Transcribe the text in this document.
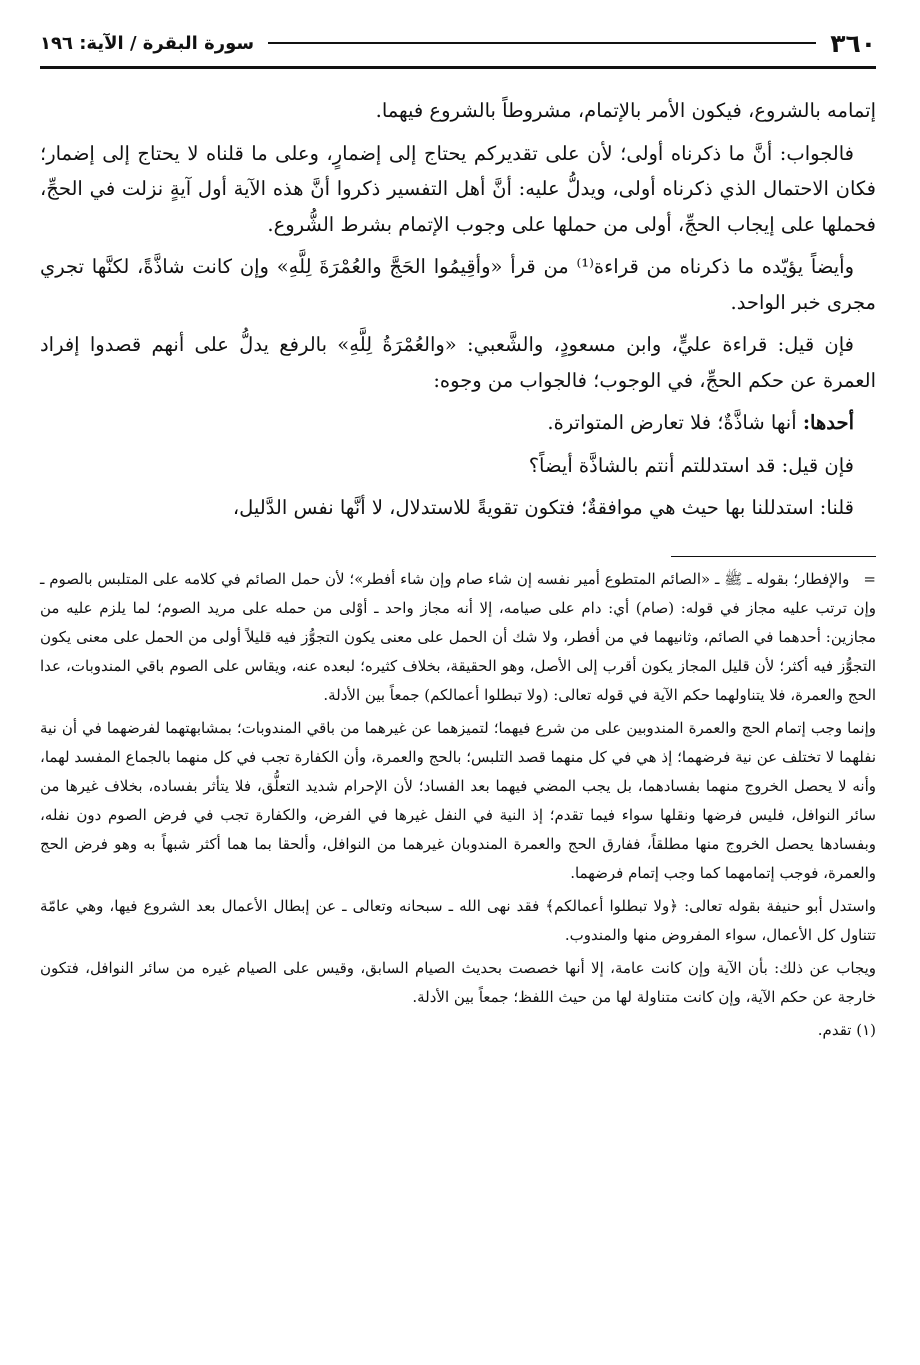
٣٦٠
سورة البقرة / الآية: ١٩٦

إتمامه بالشروع، فيكون الأمر بالإتمام، مشروطاً بالشروع فيهما.

فالجواب: أنَّ ما ذكرناه أولى؛ لأن على تقديركم يحتاج إلى إضمارٍ، وعلى ما قلناه لا يحتاج إلى إضمار؛ فكان الاحتمال الذي ذكرناه أولى، ويدلُّ عليه: أنَّ أهل التفسير ذكروا أنَّ هذه الآية أول آيةٍ نزلت في الحجِّ، فحملها على إيجاب الحجِّ، أولى من حملها على وجوب الإتمام بشرط الشُّروع.

وأيضاً يؤيّده ما ذكرناه من قراءة⁽¹⁾ من قرأ «وأقِيمُوا الحَجَّ والعُمْرَةَ لِلَّهِ» وإن كانت شاذَّةً، لكنَّها تجري مجرى خبر الواحد.

فإن قيل: قراءة عليٍّ، وابن مسعودٍ، والشَّعبي: «والعُمْرَةُ لِلَّهِ» بالرفع يدلُّ على أنهم قصدوا إفراد العمرة عن حكم الحجِّ، في الوجوب؛ فالجواب من وجوه:

أحدها: أنها شاذَّةٌ؛ فلا تعارض المتواترة.

فإن قيل: قد استدللتم أنتم بالشاذَّة أيضاً؟

قلنا: استدللنا بها حيث هي موافقةٌ؛ فتكون تقويةً للاستدلال، لا أنَّها نفس الدَّليل،

=
والإفطار؛ بقوله ـ ﷺ ـ «الصائم المتطوع أمير نفسه إن شاء صام وإن شاء أفطر»؛ لأن حمل الصائم في كلامه على المتلبس بالصوم ـ وإن ترتب عليه مجاز في قوله: (صام) أي: دام على صيامه، إلا أنه مجاز واحد ـ أوْلى من حمله على مريد الصوم؛ لما يلزم عليه من مجازين: أحدهما في الصائم، وثانيهما في من أفطر، ولا شك أن الحمل على معنى يكون التجوُّز فيه قليلاً أولى من الحمل على معنى يكون التجوُّز فيه أكثر؛ لأن قليل المجاز يكون أقرب إلى الأصل، وهو الحقيقة، بخلاف كثيره؛ لبعده عنه، ويقاس على الصوم باقي المندوبات، عدا الحج والعمرة، فلا يتناولهما حكم الآية في قوله تعالى: (ولا تبطلوا أعمالكم) جمعاً بين الأدلة.

وإنما وجب إتمام الحج والعمرة المندوبين على من شرع فيهما؛ لتميزهما عن غيرهما من باقي المندوبات؛ بمشابهتهما لفرضهما في أن نية نفلهما لا تختلف عن نية فرضهما؛ إذ هي في كل منهما قصد التلبس؛ بالحج والعمرة، وأن الكفارة تجب في كل منهما بالجماع المفسد لهما، وأنه لا يحصل الخروج منهما بفسادهما، بل يجب المضي فيهما بعد الفساد؛ لأن الإحرام شديد التعلُّق، فلا يتأثر بفساده، بخلاف غيرها من سائر النوافل، فليس فرضها ونقلها سواء فيما تقدم؛ إذ النية في النفل غيرها في الفرض، والكفارة تجب في فرض الصوم دون نفله، وبفسادها يحصل الخروج منها مطلقاً، ففارق الحج والعمرة المندوبان غيرهما من النوافل، وألحقا بما هما أكثر شبهاً به وهو فرض الحج والعمرة، فوجب إتمامهما كما وجب إتمام فرضهما.

واستدل أبو حنيفة بقوله تعالى: ﴿ولا تبطلوا أعمالكم﴾ فقد نهى الله ـ سبحانه وتعالى ـ عن إبطال الأعمال بعد الشروع فيها، وهي عامّة تتناول كل الأعمال، سواء المفروض منها والمندوب.

ويجاب عن ذلك: بأن الآية وإن كانت عامة، إلا أنها خصصت بحديث الصيام السابق، وقيس على الصيام غيره من سائر النوافل، فتكون خارجة عن حكم الآية، وإن كانت متناولة لها من حيث اللفظ؛ جمعاً بين الأدلة.

(١) تقدم.
